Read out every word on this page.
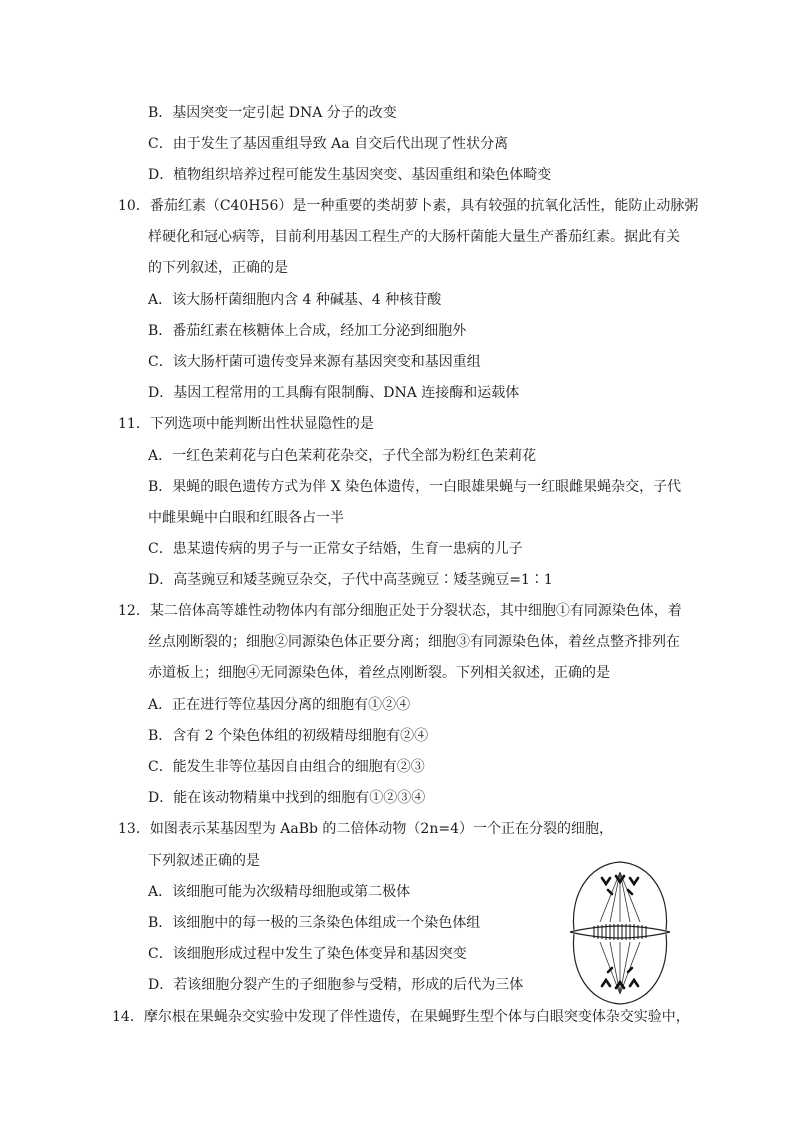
B．基因突变一定引起 DNA 分子的改变
C．由于发生了基因重组导致 Aa 自交后代出现了性状分离
D．植物组织培养过程可能发生基因突变、基因重组和染色体畸变
10．番茄红素（C40H56）是一种重要的类胡萝卜素，具有较强的抗氧化活性，能防止动脉粥
样硬化和冠心病等，目前利用基因工程生产的大肠杆菌能大量生产番茄红素。据此有关
的下列叙述，正确的是
A．该大肠杆菌细胞内含 4 种碱基、4 种核苷酸
B．番茄红素在核糖体上合成，经加工分泌到细胞外
C．该大肠杆菌可遗传变异来源有基因突变和基因重组
D．基因工程常用的工具酶有限制酶、DNA 连接酶和运载体
11．下列选项中能判断出性状显隐性的是
A．一红色茉莉花与白色茉莉花杂交，子代全部为粉红色茉莉花
B．果蝇的眼色遗传方式为伴 X 染色体遗传，一白眼雄果蝇与一红眼雌果蝇杂交，子代
中雌果蝇中白眼和红眼各占一半
C．患某遗传病的男子与一正常女子结婚，生育一患病的儿子
D．高茎豌豆和矮茎豌豆杂交，子代中高茎豌豆∶矮茎豌豆=1∶1
12．某二倍体高等雄性动物体内有部分细胞正处于分裂状态，其中细胞①有同源染色体，着
丝点刚断裂的；细胞②同源染色体正要分离；细胞③有同源染色体，着丝点整齐排列在
赤道板上；细胞④无同源染色体，着丝点刚断裂。下列相关叙述，正确的是
A．正在进行等位基因分离的细胞有①②④
B．含有 2 个染色体组的初级精母细胞有②④
C．能发生非等位基因自由组合的细胞有②③
D．能在该动物精巢中找到的细胞有①②③④
13．如图表示某基因型为 AaBb 的二倍体动物（2n=4）一个正在分裂的细胞，
下列叙述正确的是
A．该细胞可能为次级精母细胞或第二极体
B．该细胞中的每一极的三条染色体组成一个染色体组
C．该细胞形成过程中发生了染色体变异和基因突变
D．若该细胞分裂产生的子细胞参与受精，形成的后代为三体
14．摩尔根在果蝇杂交实验中发现了伴性遗传，在果蝇野生型个体与白眼突变体杂交实验中，
